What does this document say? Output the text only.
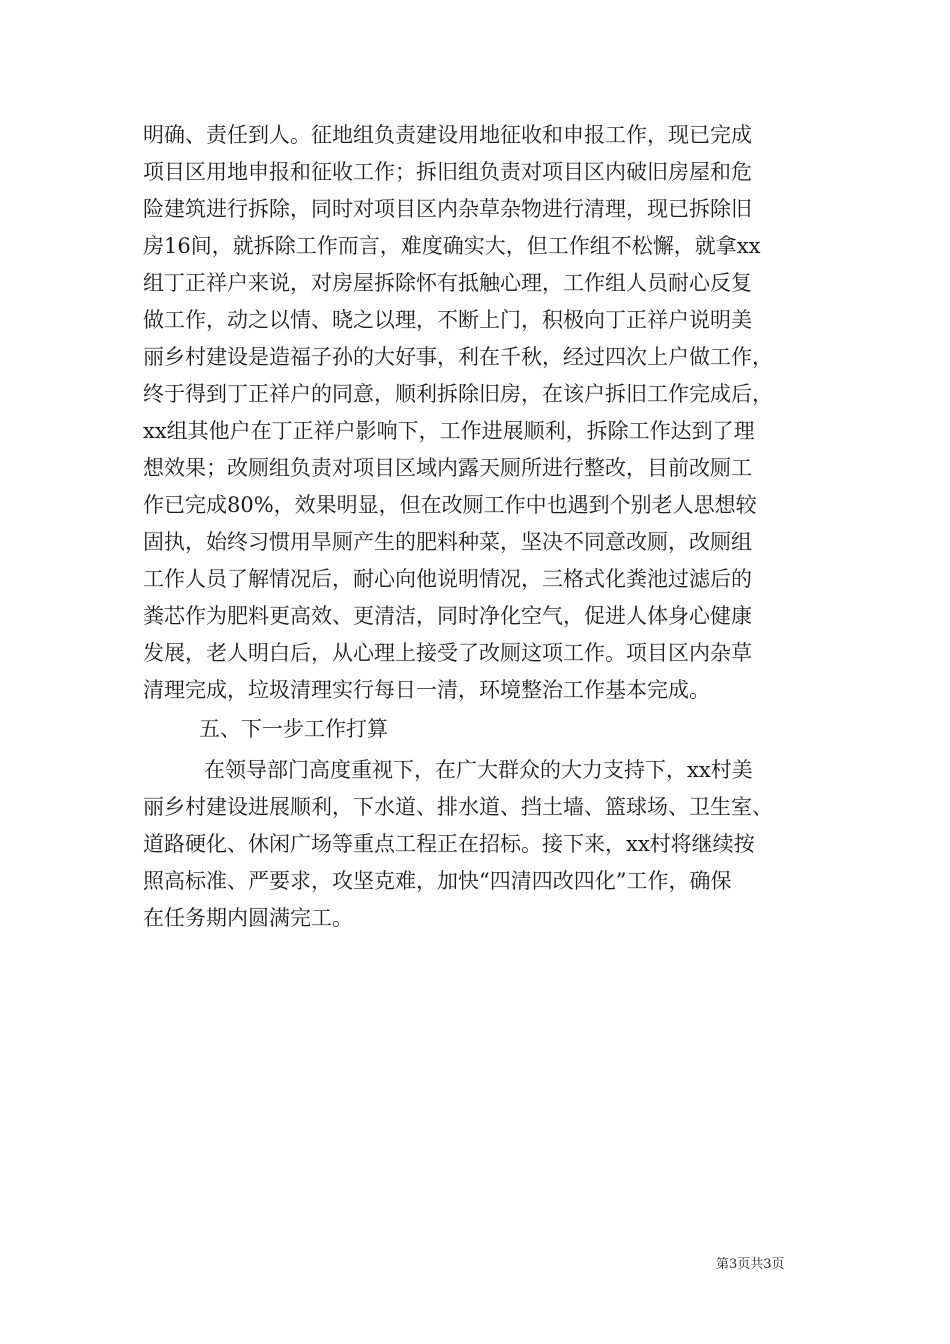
明确、责任到人。征地组负责建设用地征收和申报工作，现已完成
项目区用地申报和征收工作；拆旧组负责对项目区内破旧房屋和危
险建筑进行拆除，同时对项目区内杂草杂物进行清理，现已拆除旧
房16间，就拆除工作而言，难度确实大，但工作组不松懈，就拿xx
组丁正祥户来说，对房屋拆除怀有抵触心理，工作组人员耐心反复
做工作，动之以情、晓之以理，不断上门，积极向丁正祥户说明美
丽乡村建设是造福子孙的大好事，利在千秋，经过四次上户做工作，
终于得到丁正祥户的同意，顺利拆除旧房，在该户拆旧工作完成后，
xx组其他户在丁正祥户影响下，工作进展顺利，拆除工作达到了理
想效果；改厕组负责对项目区域内露天厕所进行整改，目前改厕工
作已完成80%，效果明显，但在改厕工作中也遇到个别老人思想较
固执，始终习惯用旱厕产生的肥料种菜，坚决不同意改厕，改厕组
工作人员了解情况后，耐心向他说明情况，三格式化粪池过滤后的
粪芯作为肥料更高效、更清洁，同时净化空气，促进人体身心健康
发展，老人明白后，从心理上接受了改厕这项工作。项目区内杂草
清理完成，垃圾清理实行每日一清，环境整治工作基本完成。
五、下一步工作打算
在领导部门高度重视下，在广大群众的大力支持下，xx村美
丽乡村建设进展顺利，下水道、排水道、挡土墙、篮球场、卫生室、
道路硬化、休闲广场等重点工程正在招标。接下来，xx村将继续按
照高标准、严要求，攻坚克难，加快“四清四改四化”工作，确保
在任务期内圆满完工。
第3页共3页
